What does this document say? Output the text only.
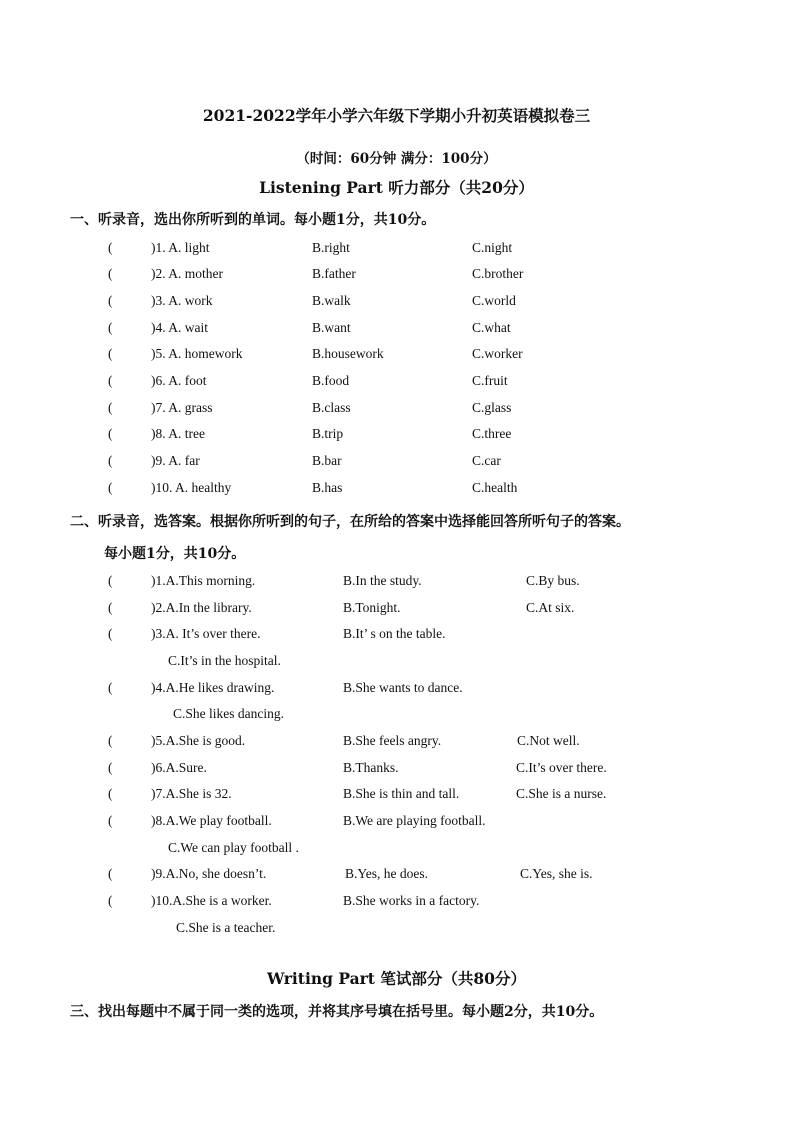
2021-2022学年小学六年级下学期小升初英语模拟卷三
（时间：60分钟 满分：100分）
Listening Part 听力部分（共20分）
一、听录音，选出你所听到的单词。每小题1分，共10分。
(	)1. A. light	B.right	C.night
(	)2. A. mother	B.father	C.brother
(	)3. A. work	B.walk	C.world
(	)4. A. wait	B.want	C.what
(	)5. A. homework	B.housework	C.worker
(	)6. A. foot	B.food	C.fruit
(	)7. A. grass	B.class	C.glass
(	)8. A. tree	B.trip	C.three
(	)9. A. far	B.bar	C.car
(	)10. A. healthy	B.has	C.health
二、听录音，选答案。根据你所听到的句子，在所给的答案中选择能回答所听句子的答案。
每小题1分，共10分。
(	)1.A.This morning.	B.In the study.	C.By bus.
(	)2.A.In the library.	B.Tonight.	C.At six.
(	)3.A. It’s over there.	B.It’ s on the table.
C.It’s in the hospital.
(	)4.A.He likes drawing.	B.She wants to dance.
C.She likes dancing.
(	)5.A.She is good.	B.She feels angry.	C.Not well.
(	)6.A.Sure.	B.Thanks.	C.It’s over there.
(	)7.A.She is 32.	B.She is thin and tall.	C.She is a nurse.
(	)8.A.We play football.	B.We are playing football.
C.We can play football .
(	)9.A.No, she doesn’t.	B.Yes, he does.	C.Yes, she is.
(	)10.A.She is a worker.	B.She works in a factory.
C.She is a teacher.
Writing Part 笔试部分（共80分）
三、找出每题中不属于同一类的选项，并将其序号填在括号里。每小题2分，共10分。
